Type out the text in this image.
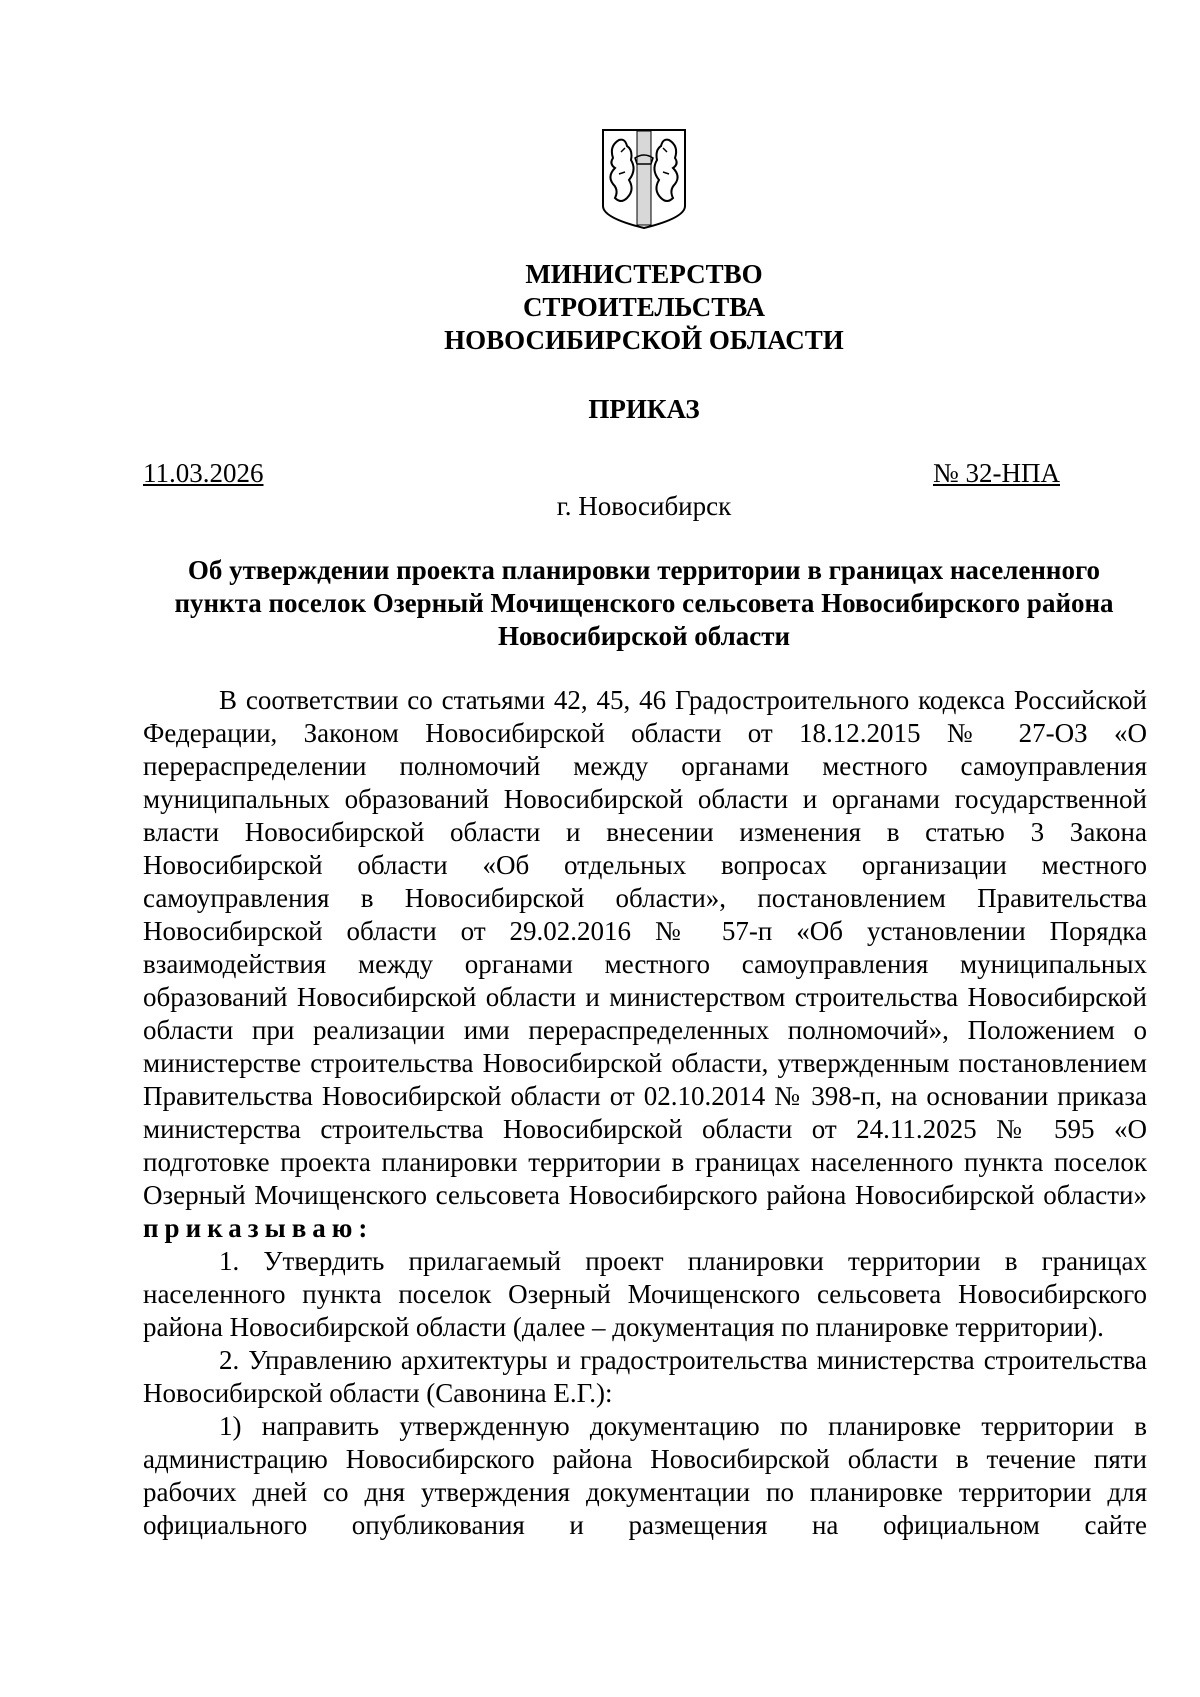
МИНИСТЕРСТВО
СТРОИТЕЛЬСТВА
НОВОСИБИРСКОЙ ОБЛАСТИ
ПРИКАЗ
11.03.2026	№ 32-НПА
г. Новосибирск
Об утверждении проекта планировки территории в границах населенного
пункта поселок Озерный Мочищенского сельсовета Новосибирского района
Новосибирской области

В соответствии со статьями 42, 45, 46 Градостроительного кодекса Российской Федерации, Законом Новосибирской области от 18.12.2015 № 27-ОЗ «О перераспределении полномочий между органами местного самоуправления муниципальных образований Новосибирской области и органами государственной власти Новосибирской области и внесении изменения в статью 3 Закона Новосибирской области «Об отдельных вопросах организации местного самоуправления в Новосибирской области», постановлением Правительства Новосибирской области от 29.02.2016 № 57-п «Об установлении Порядка взаимодействия между органами местного самоуправления муниципальных образований Новосибирской области и министерством строительства Новосибирской области при реализации ими перераспределенных полномочий», Положением о министерстве строительства Новосибирской области, утвержденным постановлением Правительства Новосибирской области от 02.10.2014 № 398-п, на основании приказа министерства строительства Новосибирской области от 24.11.2025 № 595 «О подготовке проекта планировки территории в границах населенного пункта поселок Озерный Мочищенского сельсовета Новосибирского района Новосибирской области» приказываю:

1. Утвердить прилагаемый проект планировки территории в границах населенного пункта поселок Озерный Мочищенского сельсовета Новосибирского района Новосибирской области (далее – документация по планировке территории).

2. Управлению архитектуры и градостроительства министерства строительства Новосибирской области (Савонина Е.Г.):

1) направить утвержденную документацию по планировке территории в администрацию Новосибирского района Новосибирской области в течение пяти рабочих дней со дня утверждения документации по планировке территории для официального опубликования и размещения на официальном сайте
